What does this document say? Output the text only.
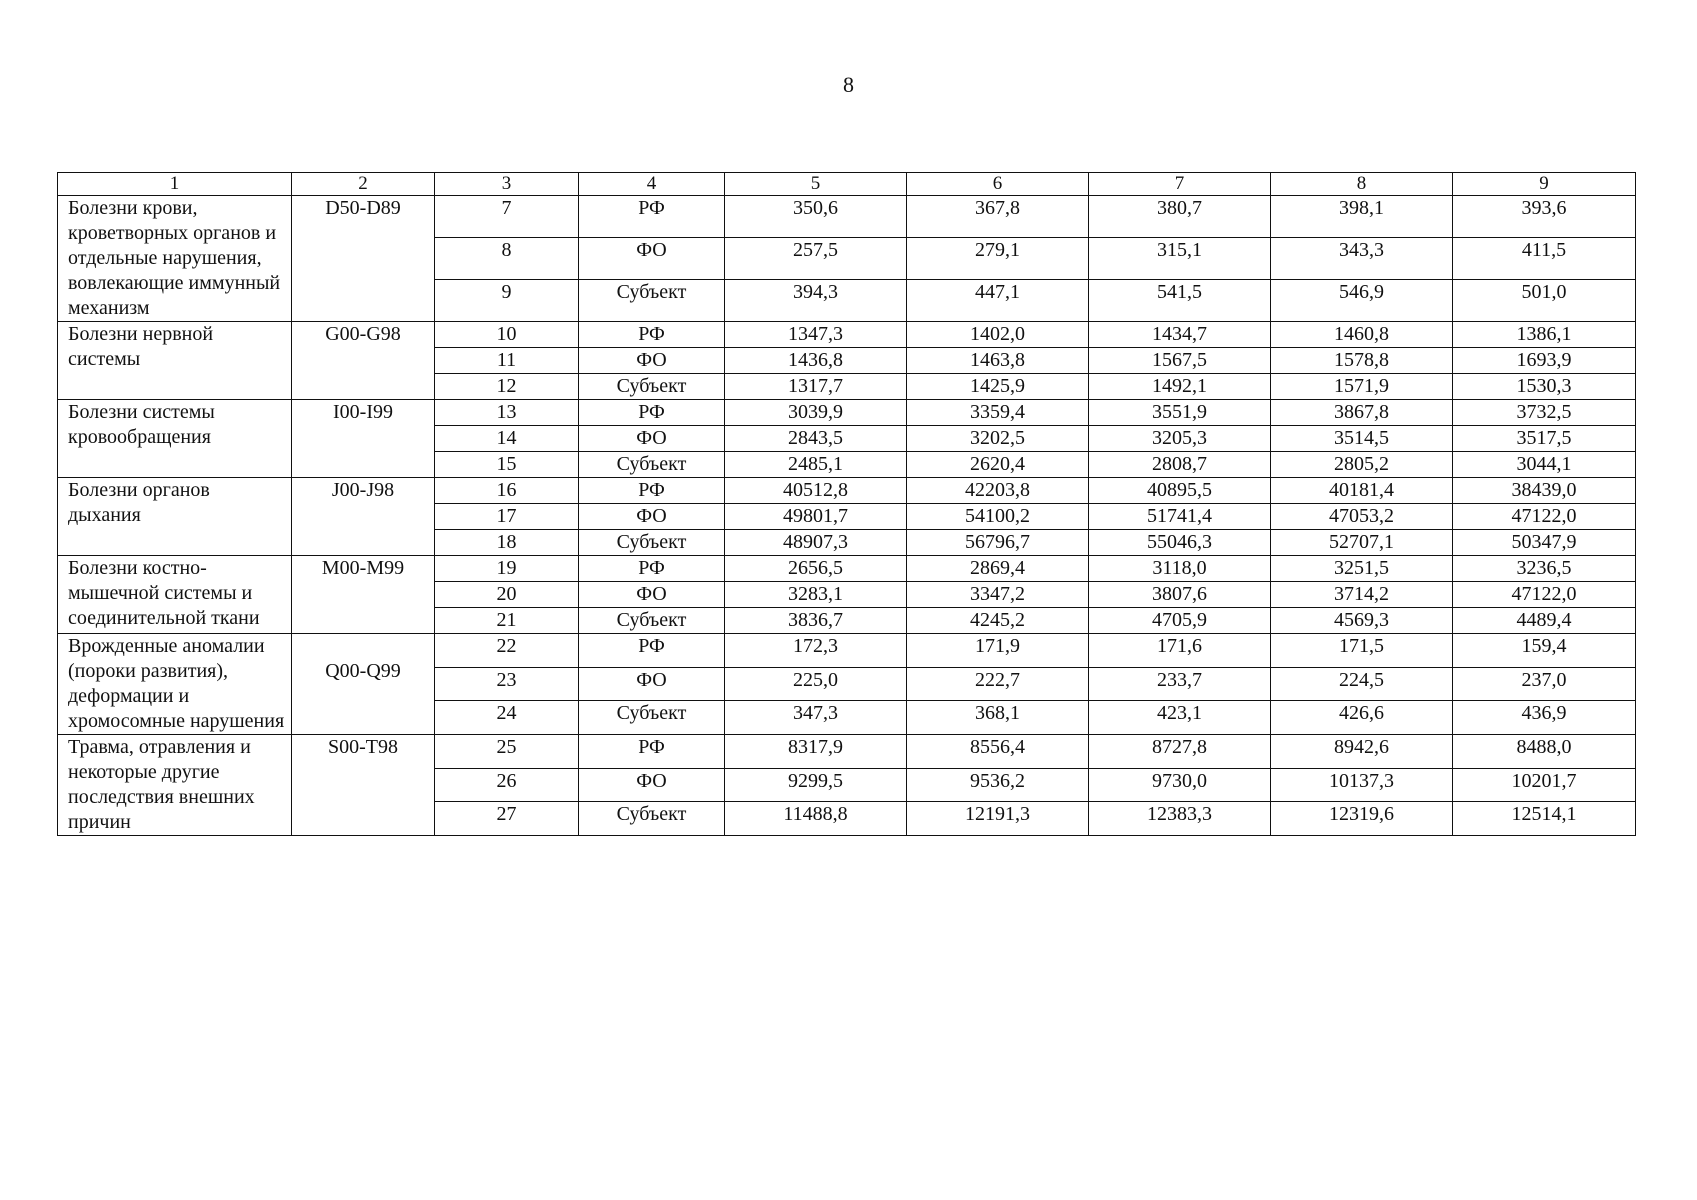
8
1	2	3	4	5	6	7	8	9
Болезни крови, кроветворных органов и отдельные нарушения, вовлекающие иммунный механизм	D50-D89	7	РФ	350,6	367,8	380,7	398,1	393,6
		8	ФО	257,5	279,1	315,1	343,3	411,5
		9	Субъект	394,3	447,1	541,5	546,9	501,0
Болезни нервной системы	G00-G98	10	РФ	1347,3	1402,0	1434,7	1460,8	1386,1
		11	ФО	1436,8	1463,8	1567,5	1578,8	1693,9
		12	Субъект	1317,7	1425,9	1492,1	1571,9	1530,3
Болезни системы кровообращения	I00-I99	13	РФ	3039,9	3359,4	3551,9	3867,8	3732,5
		14	ФО	2843,5	3202,5	3205,3	3514,5	3517,5
		15	Субъект	2485,1	2620,4	2808,7	2805,2	3044,1
Болезни органов дыхания	J00-J98	16	РФ	40512,8	42203,8	40895,5	40181,4	38439,0
		17	ФО	49801,7	54100,2	51741,4	47053,2	47122,0
		18	Субъект	48907,3	56796,7	55046,3	52707,1	50347,9
Болезни костно-мышечной системы и соединительной ткани	M00-M99	19	РФ	2656,5	2869,4	3118,0	3251,5	3236,5
		20	ФО	3283,1	3347,2	3807,6	3714,2	47122,0
		21	Субъект	3836,7	4245,2	4705,9	4569,3	4489,4
Врожденные аномалии (пороки развития), деформации и хромосомные нарушения	Q00-Q99	22	РФ	172,3	171,9	171,6	171,5	159,4
		23	ФО	225,0	222,7	233,7	224,5	237,0
		24	Субъект	347,3	368,1	423,1	426,6	436,9
Травма, отравления и некоторые другие последствия внешних причин	S00-T98	25	РФ	8317,9	8556,4	8727,8	8942,6	8488,0
		26	ФО	9299,5	9536,2	9730,0	10137,3	10201,7
		27	Субъект	11488,8	12191,3	12383,3	12319,6	12514,1
